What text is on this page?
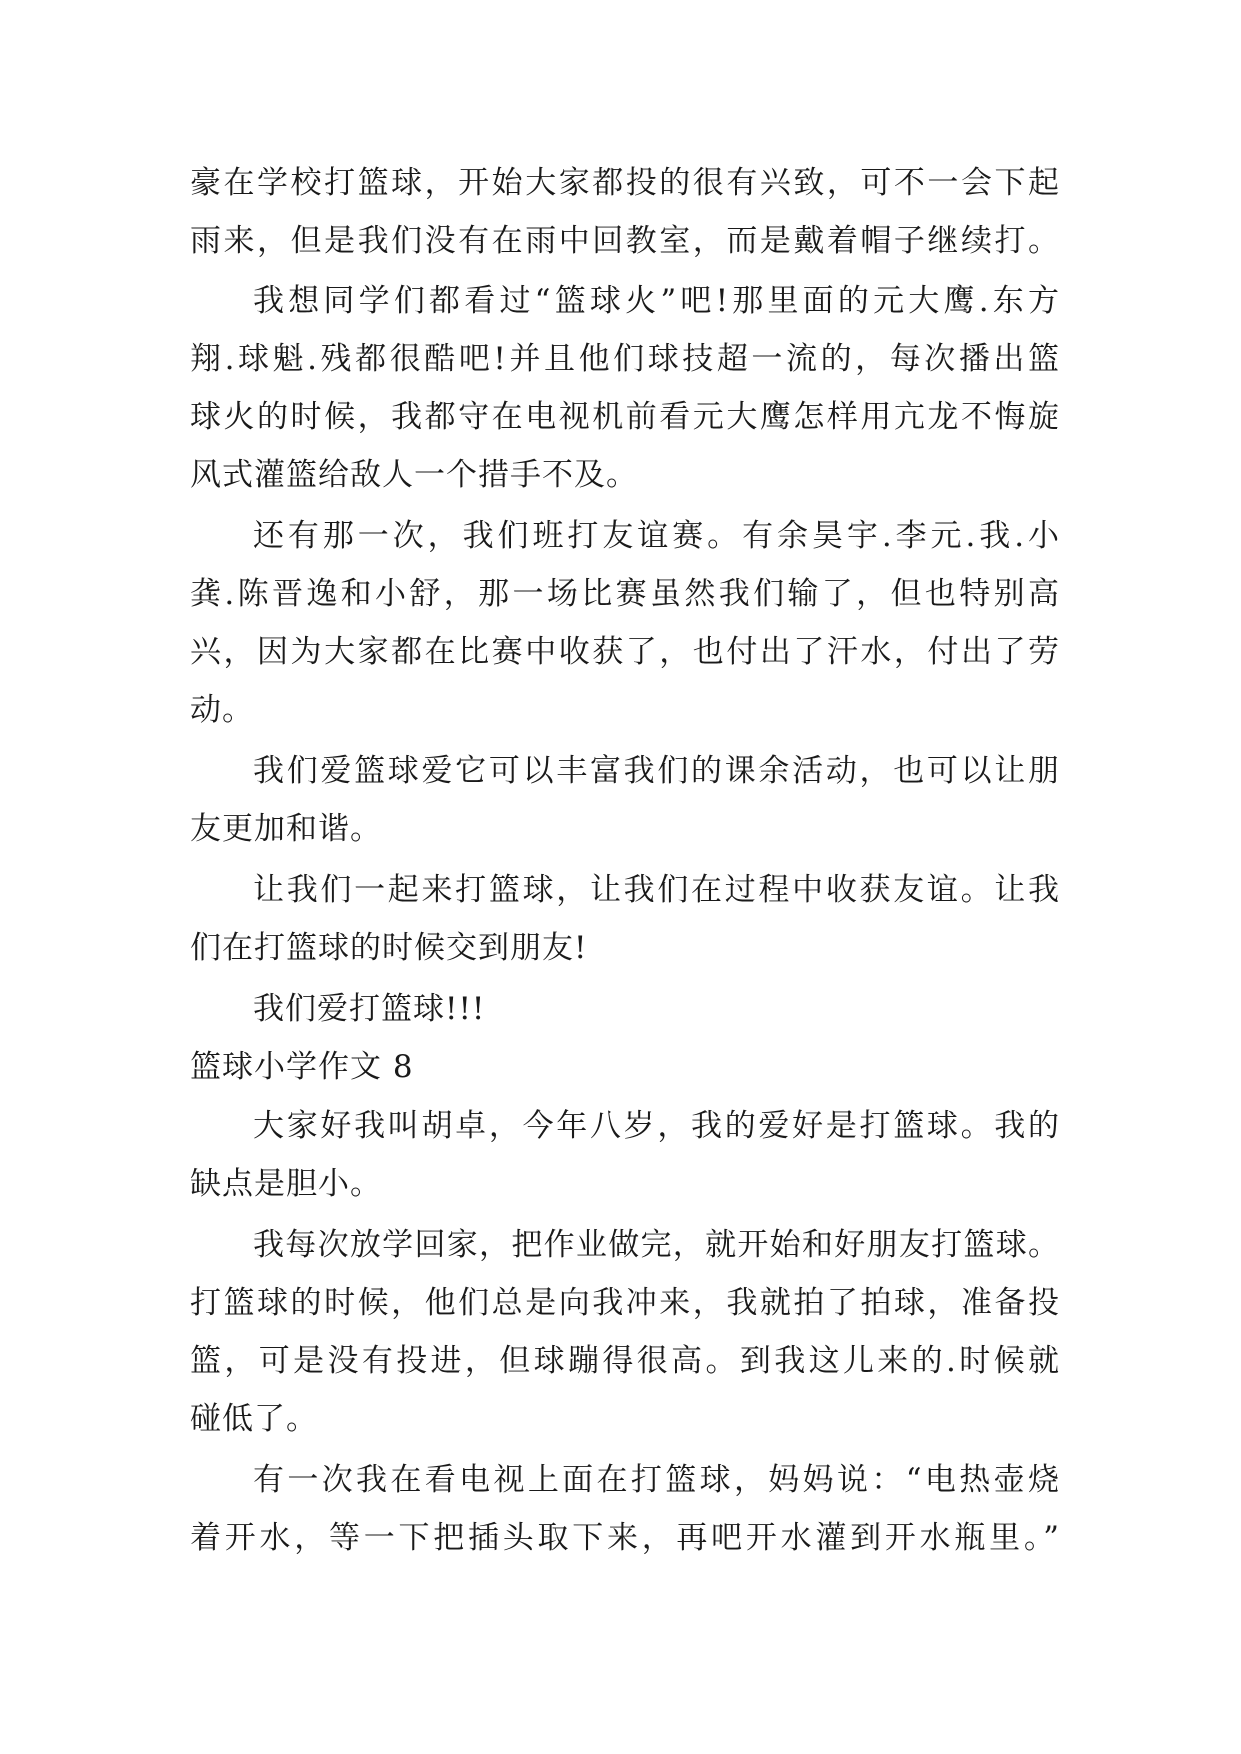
豪在学校打篮球，开始大家都投的很有兴致，可不一会下起
雨来，但是我们没有在雨中回教室，而是戴着帽子继续打。
我想同学们都看过“篮球火”吧!那里面的元大鹰.东方
翔.球魁.残都很酷吧!并且他们球技超一流的，每次播出篮
球火的时候，我都守在电视机前看元大鹰怎样用亢龙不悔旋
风式灌篮给敌人一个措手不及。
还有那一次，我们班打友谊赛。有余昊宇.李元.我.小
龚.陈晋逸和小舒，那一场比赛虽然我们输了，但也特别高
兴，因为大家都在比赛中收获了，也付出了汗水，付出了劳
动。
我们爱篮球爱它可以丰富我们的课余活动，也可以让朋
友更加和谐。
让我们一起来打篮球，让我们在过程中收获友谊。让我
们在打篮球的时候交到朋友!
我们爱打篮球!!!
篮球小学作文 8
大家好我叫胡卓，今年八岁，我的爱好是打篮球。我的
缺点是胆小。
我每次放学回家，把作业做完，就开始和好朋友打篮球。
打篮球的时候，他们总是向我冲来，我就拍了拍球，准备投
篮，可是没有投进，但球蹦得很高。到我这儿来的.时候就
碰低了。
有一次我在看电视上面在打篮球，妈妈说：“电热壶烧
着开水，等一下把插头取下来，再吧开水灌到开水瓶里。”
